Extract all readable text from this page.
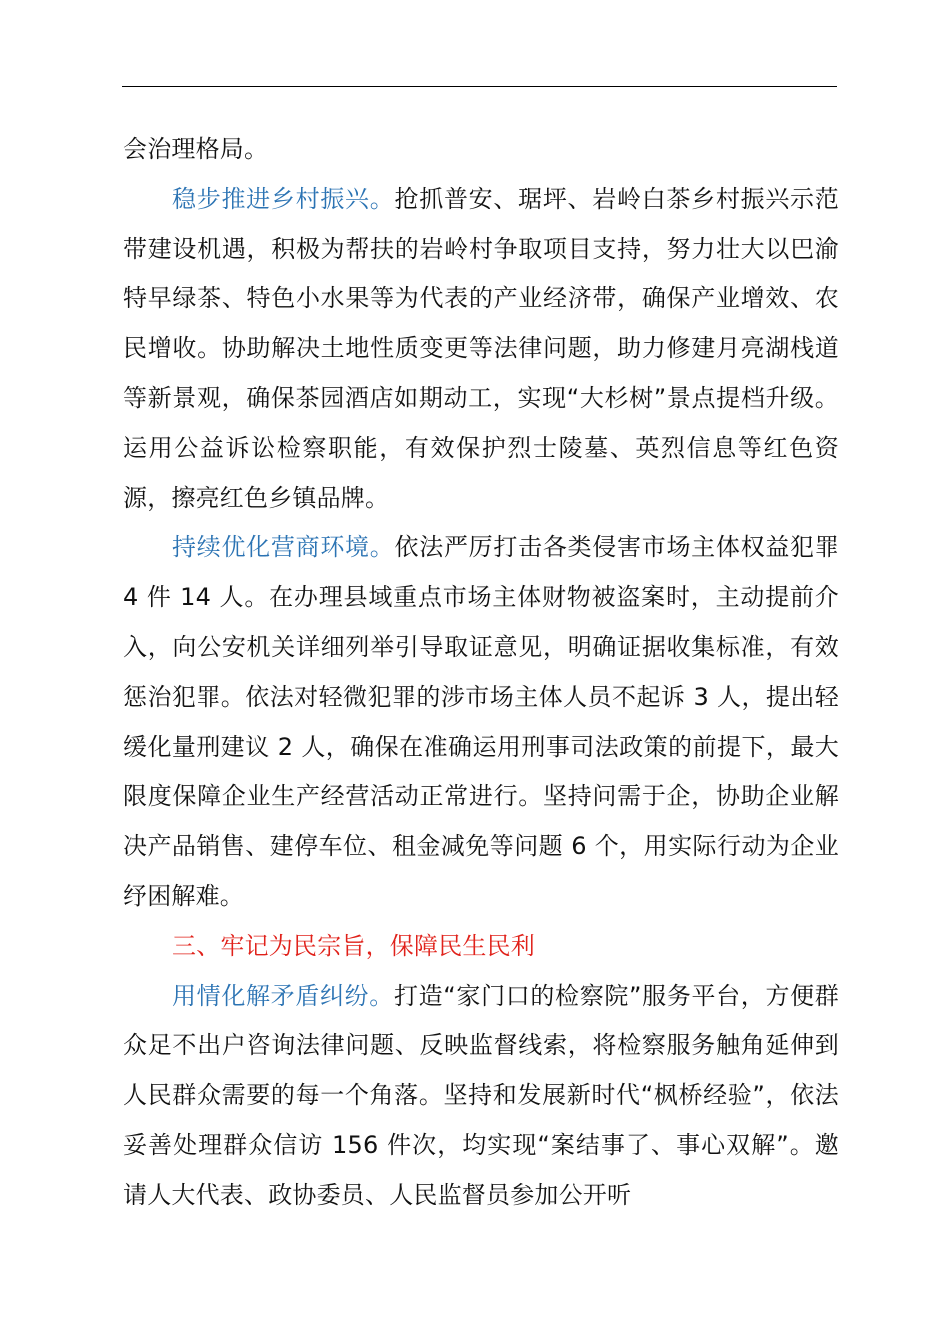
会治理格局。

稳步推进乡村振兴。抢抓普安、琚坪、岩岭白茶乡村振兴示范带建设机遇，积极为帮扶的岩岭村争取项目支持，努力壮大以巴渝特早绿茶、特色小水果等为代表的产业经济带，确保产业增效、农民增收。协助解决土地性质变更等法律问题，助力修建月亮湖栈道等新景观，确保茶园酒店如期动工，实现“大杉树”景点提档升级。运用公益诉讼检察职能，有效保护烈士陵墓、英烈信息等红色资源，擦亮红色乡镇品牌。

持续优化营商环境。依法严厉打击各类侵害市场主体权益犯罪 4 件 14 人。在办理县域重点市场主体财物被盗案时，主动提前介入，向公安机关详细列举引导取证意见，明确证据收集标准，有效惩治犯罪。依法对轻微犯罪的涉市场主体人员不起诉 3 人，提出轻缓化量刑建议 2 人，确保在准确运用刑事司法政策的前提下，最大限度保障企业生产经营活动正常进行。坚持问需于企，协助企业解决产品销售、建停车位、租金减免等问题 6 个，用实际行动为企业纾困解难。

三、牢记为民宗旨，保障民生民利

用情化解矛盾纠纷。打造“家门口的检察院”服务平台，方便群众足不出户咨询法律问题、反映监督线索，将检察服务触角延伸到人民群众需要的每一个角落。坚持和发展新时代“枫桥经验”，依法妥善处理群众信访 156 件次，均实现“案结事了、事心双解”。邀请人大代表、政协委员、人民监督员参加公开听
